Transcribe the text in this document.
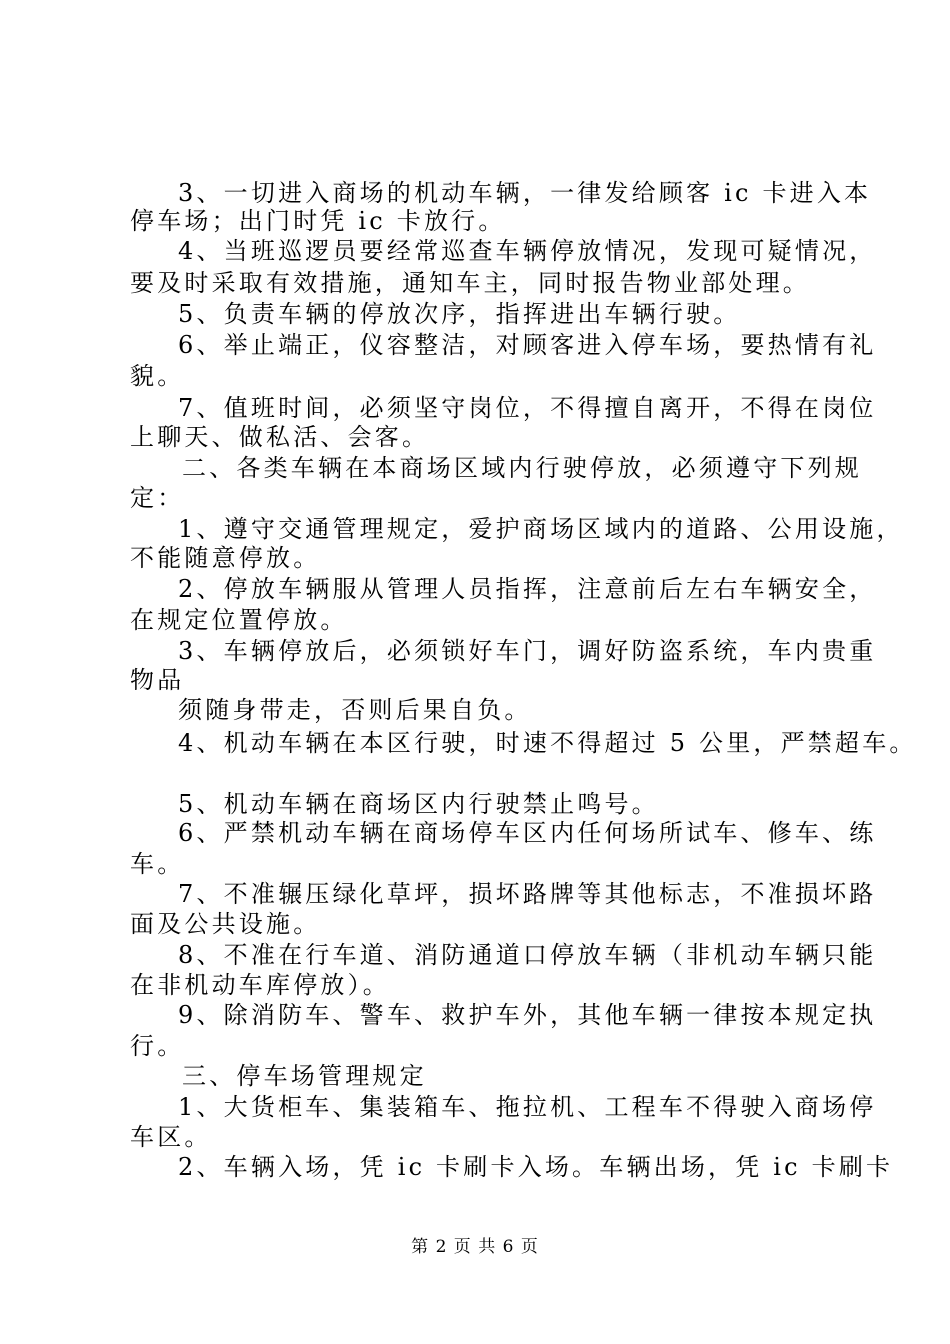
3、一切进入商场的机动车辆，一律发给顾客 ic 卡进入本
停车场；出门时凭 ic 卡放行。
4、当班巡逻员要经常巡查车辆停放情况，发现可疑情况，
要及时采取有效措施，通知车主，同时报告物业部处理。
5、负责车辆的停放次序，指挥进出车辆行驶。
6、举止端正，仪容整洁，对顾客进入停车场，要热情有礼
貌。
7、值班时间，必须坚守岗位，不得擅自离开，不得在岗位
上聊天、做私活、会客。
二、各类车辆在本商场区域内行驶停放，必须遵守下列规
定：
1、遵守交通管理规定，爱护商场区域内的道路、公用设施，
不能随意停放。
2、停放车辆服从管理人员指挥，注意前后左右车辆安全，
在规定位置停放。
3、车辆停放后，必须锁好车门，调好防盗系统，车内贵重
物品
须随身带走，否则后果自负。
4、机动车辆在本区行驶，时速不得超过 5 公里，严禁超车。
5、机动车辆在商场区内行驶禁止鸣号。
6、严禁机动车辆在商场停车区内任何场所试车、修车、练
车。
7、不准辗压绿化草坪，损坏路牌等其他标志，不准损坏路
面及公共设施。
8、不准在行车道、消防通道口停放车辆（非机动车辆只能
在非机动车库停放）。
9、除消防车、警车、救护车外，其他车辆一律按本规定执
行。
三、停车场管理规定
1、大货柜车、集装箱车、拖拉机、工程车不得驶入商场停
车区。
2、车辆入场，凭 ic 卡刷卡入场。车辆出场，凭 ic 卡刷卡
第 2 页 共 6 页
